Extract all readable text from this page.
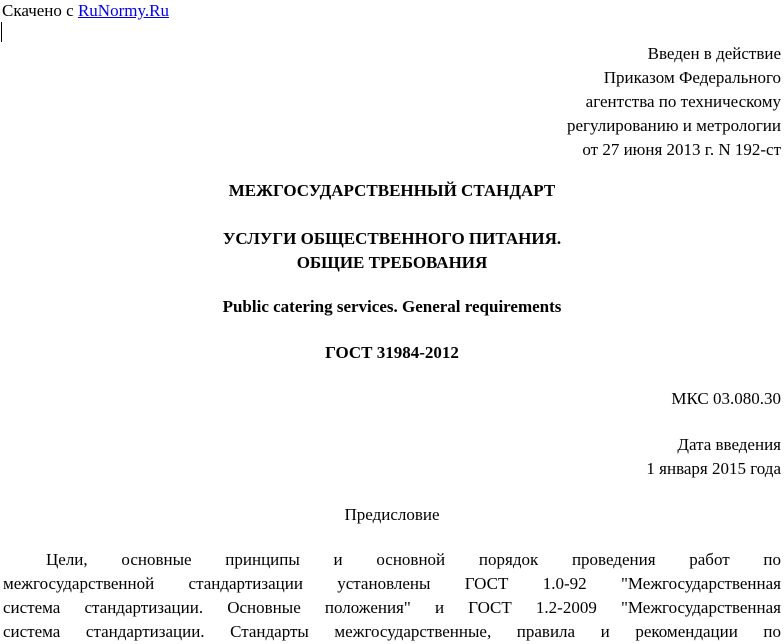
Скачено с RuNormy.Ru
Введен в действие
Приказом Федерального
агентства по техническому
регулированию и метрологии
от 27 июня 2013 г. N 192-ст
МЕЖГОСУДАРСТВЕННЫЙ СТАНДАРТ
УСЛУГИ ОБЩЕСТВЕННОГО ПИТАНИЯ.
ОБЩИЕ ТРЕБОВАНИЯ
Public catering services. General requirements
ГОСТ 31984-2012
МКС 03.080.30
Дата введения
1 января 2015 года
Предисловие
Цели, основные принципы и основной порядок проведения работ по
межгосударственной стандартизации установлены ГОСТ 1.0-92 "Межгосударственная
система стандартизации. Основные положения" и ГОСТ 1.2-2009 "Межгосударственная
система стандартизации. Стандарты межгосударственные, правила и рекомендации по
